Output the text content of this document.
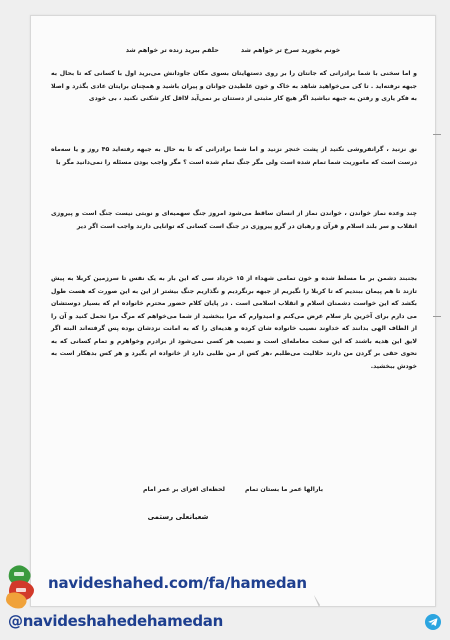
خونم بخورید سرخ تر خواهم شد
حلقم ببرید زنده تر خواهم شد
و اما سخنی با شما برادرانی که جانتان را بر روی دستهایتان بسوی مکان جاودانش می‌برید اول با کسانی که تا بحال به جبهه نرفته‌اید . تا کی می‌خواهید شاهد به خاک و خون غلطیدن جوانان و پیران باشید و همچنان برایتان عادی بگذرد و اصلا به فکر یاری و رفتن به جبهه نباشید اگر هیچ کار مثبتی از دستتان بر نمی‌آید لااقل کار شکنی نکنید ، بی خودی
نق نزنید ، گرانفروشی نکنید از پشت خنجر نزنید و اما شما برادرانی که تا به حال به جبهه رفته‌اید ۴۵ روز و یا سه‌ماه درست است که ماموریت شما تمام شده است ولی مگر جنگ تمام شده است ؟ مگر واجب بودن مسئله را نمی‌دانید مگر با
چند وعده نماز خواندن ، خواندن نماز از انسان ساقط می‌شود امروز جنگ سهمیه‌ای و نوبتی نیست جنگ است و پیروزی انقلاب و سر بلند اسلام و قرآن و رهبان در گرو پیروزی در جنگ است کسانی که توانایی دارند واجب است اگر دیر
بجنبند دشمن بر ما مسلط شده و خون تمامی شهداء از ۱۵ خرداد سی که این بار به یک نفس تا سرزمین کربلا به پیش تازند تا هم پیمان ببندیم که تا کربلا را نگیریم از جبهه برنگردیم و نگذاریم جنگ بیشتر از این به این صورت که هست طول بکشد که این خواست دشمنان اسلام و انقلاب اسلامی است . در پایان کلام حضور محترم خانواده ام که بسیار دوستشان می دارم برای آخرین بار سلام عرض می‌کنم و امیدوارم که مرا ببخشید از شما می‌خواهم که مرگ مرا تحمل کنید و آن را از الطاف الهی بدانند که خداوند نصیب خانواده شان کرده و هدیه‌ای را که به امانت نزدشان بوده پس گرفته‌اند البته اگر لایق این هدیه باشند که این سخت معامله‌ای است و نصیب هر کسی نمی‌شود از برادرم وخواهرم و تمام کسانی که به نحوی حقی بر گردن من دارند حلالیت می‌طلبم ،هر کس از من طلبی دارد از خانواده ام بگیرد و هر کس بدهکار است به خودش ببخشید.
بارالها عمر ما بستان تمام
لحظه‌ای افزای بر عمر امام
شعبانعلی رستمی
navideshahed.com/fa/hamedan
@navideshahedehamedan
